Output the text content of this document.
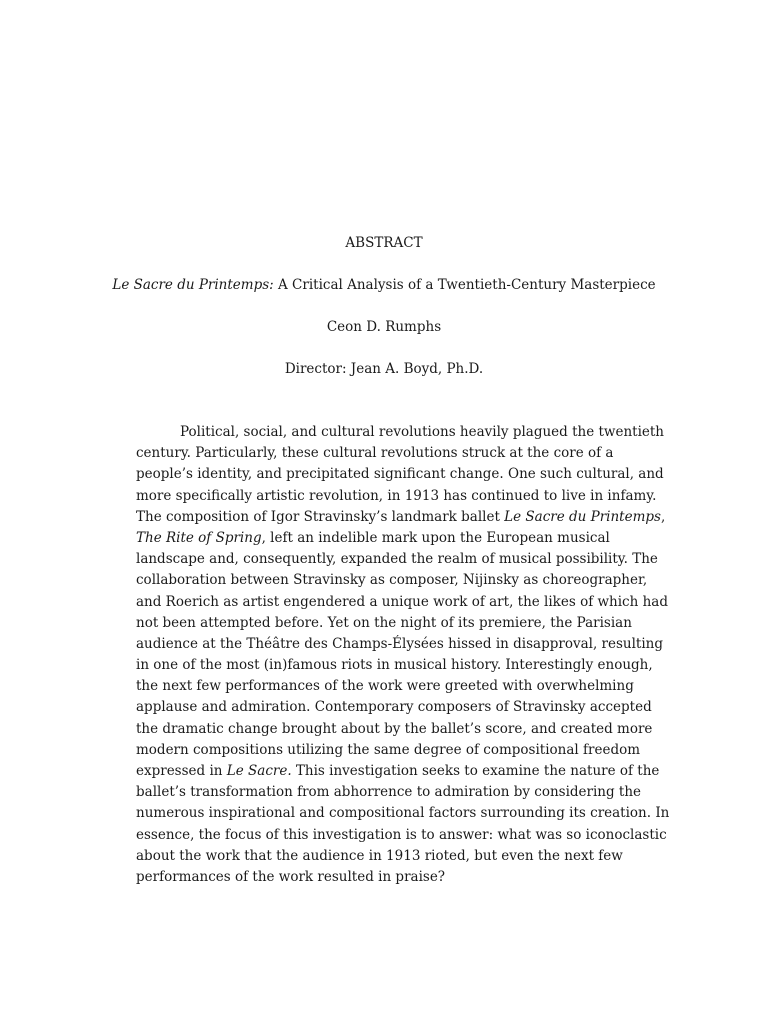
ABSTRACT
Le Sacre du Printemps: A Critical Analysis of a Twentieth-Century Masterpiece
Ceon D. Rumphs
Director: Jean A. Boyd, Ph.D.
Political, social, and cultural revolutions heavily plagued the twentieth
century. Particularly, these cultural revolutions struck at the core of a
people’s identity, and precipitated significant change. One such cultural, and
more specifically artistic revolution, in 1913 has continued to live in infamy.
The composition of Igor Stravinsky’s landmark ballet Le Sacre du Printemps,
The Rite of Spring, left an indelible mark upon the European musical
landscape and, consequently, expanded the realm of musical possibility. The
collaboration between Stravinsky as composer, Nijinsky as choreographer,
and Roerich as artist engendered a unique work of art, the likes of which had
not been attempted before. Yet on the night of its premiere, the Parisian
audience at the Théâtre des Champs-Élysées hissed in disapproval, resulting
in one of the most (in)famous riots in musical history. Interestingly enough,
the next few performances of the work were greeted with overwhelming
applause and admiration. Contemporary composers of Stravinsky accepted
the dramatic change brought about by the ballet’s score, and created more
modern compositions utilizing the same degree of compositional freedom
expressed in Le Sacre. This investigation seeks to examine the nature of the
ballet’s transformation from abhorrence to admiration by considering the
numerous inspirational and compositional factors surrounding its creation. In
essence, the focus of this investigation is to answer: what was so iconoclastic
about the work that the audience in 1913 rioted, but even the next few
performances of the work resulted in praise?
